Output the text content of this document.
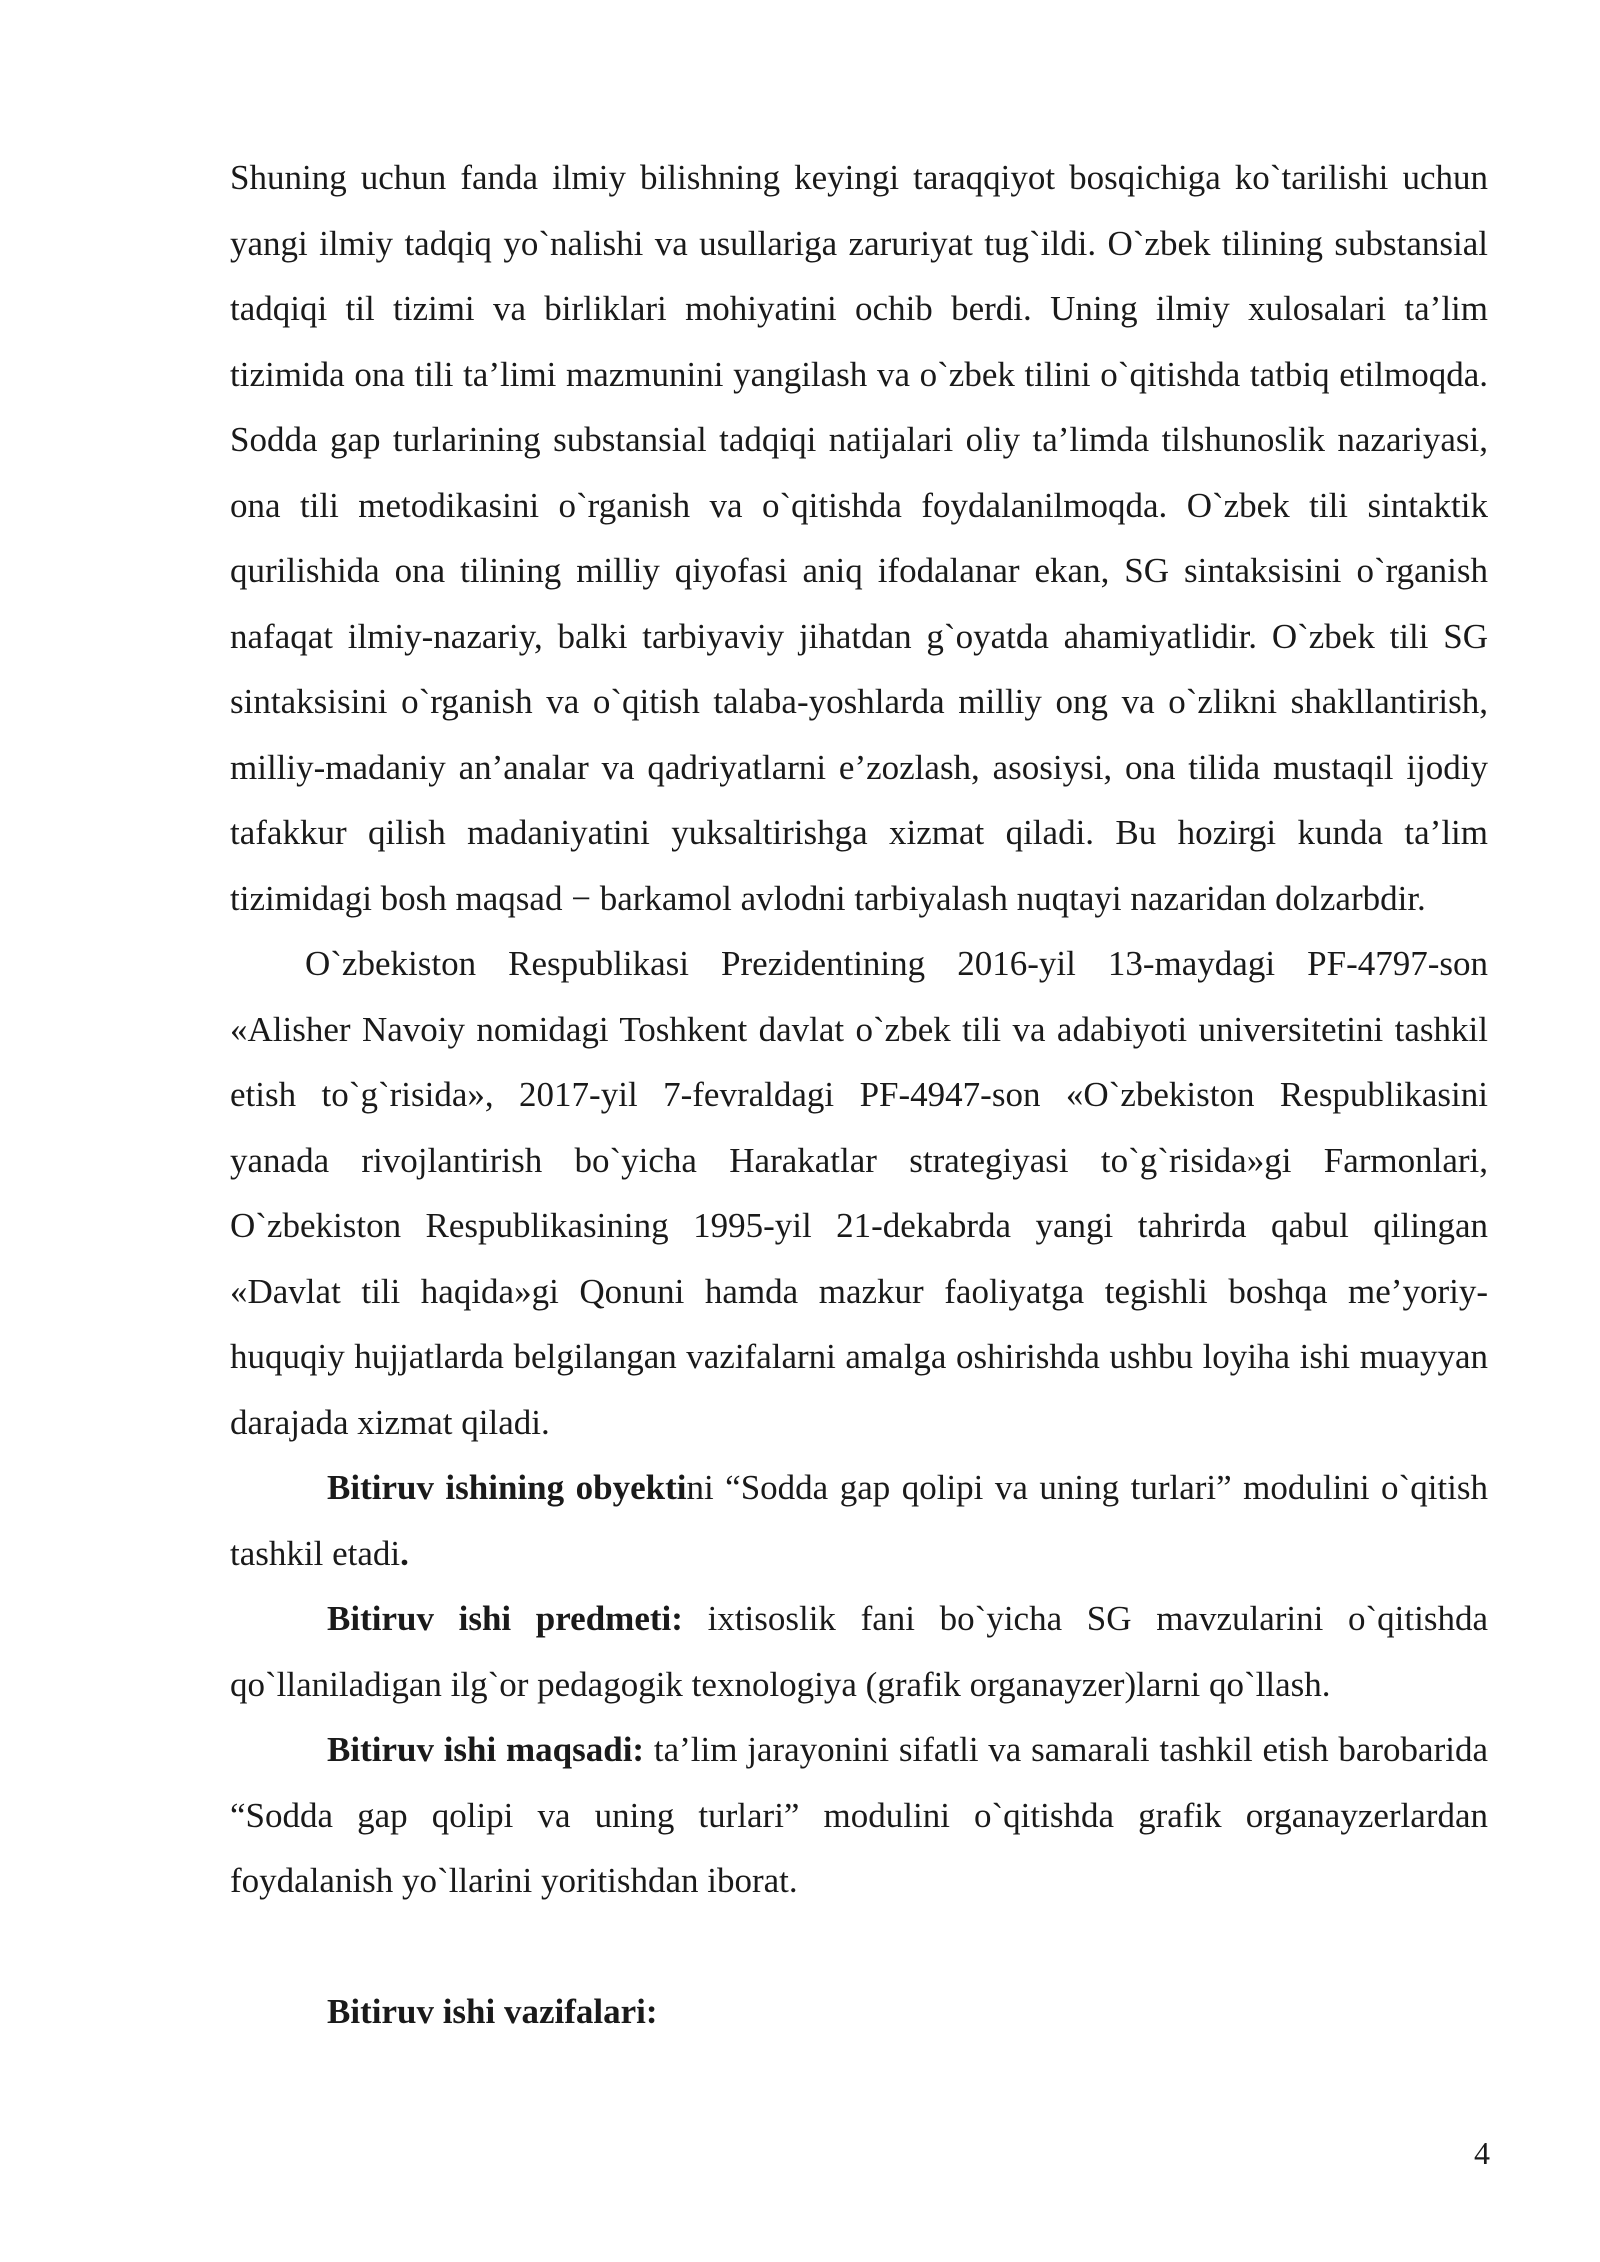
Shuning uchun fanda ilmiy bilishning keyingi taraqqiyot bosqichiga ko`tarilishi uchun yangi ilmiy tadqiq yo`nalishi va usullariga zaruriyat tug`ildi. O`zbek tilining substansial tadqiqi til tizimi va birliklari mohiyatini ochib berdi. Uning ilmiy xulosalari ta’lim tizimida ona tili ta’limi mazmunini yangilash va o`zbek tilini o`qitishda tatbiq etilmoqda. Sodda gap turlarining substansial tadqiqi natijalari oliy ta’limda tilshunoslik nazariyasi, ona tili metodikasini o`rganish va o`qitishda foydalanilmoqda. O`zbek tili sintaktik qurilishida ona tilining milliy qiyofasi aniq ifodalanar ekan, SG sintaksisini o`rganish nafaqat ilmiy-nazariy, balki tarbiyaviy jihatdan g`oyatda ahamiyatlidir. O`zbek tili SG sintaksisini o`rganish va o`qitish talaba-yoshlarda milliy ong va o`zlikni shakllantirish, milliy-madaniy an’analar va qadriyatlarni e’zozlash, asosiysi, ona tilida mustaqil ijodiy tafakkur qilish madaniyatini yuksaltirishga xizmat qiladi. Bu hozirgi kunda ta’lim tizimidagi bosh maqsad − barkamol avlodni tarbiyalash nuqtayi nazaridan dolzarbdir.

O`zbekiston Respublikasi Prezidentining 2016-yil 13-maydagi PF-4797-son «Alisher Navoiy nomidagi Toshkent davlat o`zbek tili va adabiyoti universitetini tashkil etish to`g`risida», 2017-yil 7-fevraldagi PF-4947-son «O`zbekiston Respublikasini yanada rivojlantirish bo`yicha Harakatlar strategiyasi to`g`risida»gi Farmonlari, O`zbekiston Respublikasining 1995-yil 21-dekabrda yangi tahrirda qabul qilingan «Davlat tili haqida»gi Qonuni hamda mazkur faoliyatga tegishli boshqa me’yoriy-huquqiy hujjatlarda belgilangan vazifalarni amalga oshirishda ushbu loyiha ishi muayyan darajada xizmat qiladi.

Bitiruv ishining obyektini “Sodda gap qolipi va uning turlari” modulini o`qitish tashkil etadi.

Bitiruv ishi predmeti: ixtisoslik fani bo`yicha SG mavzularini o`qitishda qo`llaniladigan ilg`or pedagogik texnologiya (grafik organayzer)larni qo`llash.

Bitiruv ishi maqsadi: ta’lim jarayonini sifatli va samarali tashkil etish barobarida “Sodda gap qolipi va uning turlari” modulini o`qitishda grafik organayzerlardan foydalanish yo`llarini yoritishdan iborat.

Bitiruv ishi vazifalari:

4
